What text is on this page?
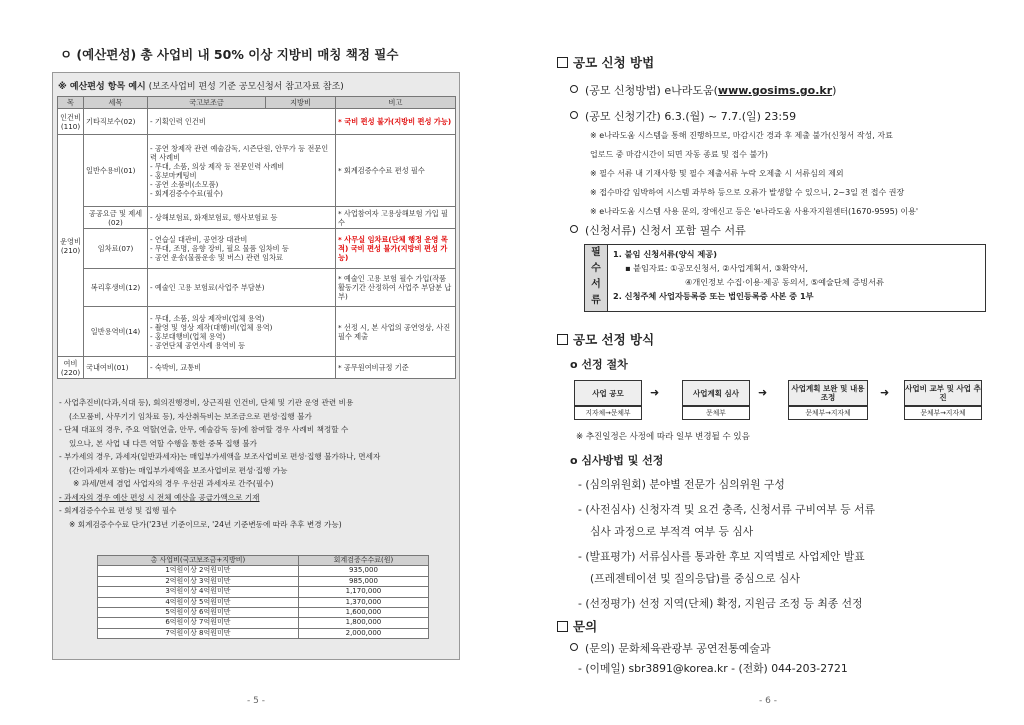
ㅇ (예산편성) 총 사업비 내 50% 이상 지방비 매칭 책정 필수
※ 예산편성 항목 예시 (보조사업비 편성 기준 공모신청서 참고자료 참조)
목	세목	국고보조금	지방비	비고
인건비
(110)	기타직보수(02)	- 기획인력 인건비		* 국비 편성 불가(지방비 편성 가능)
운영비
(210)	일반수용비(01)	- 공연 창제작 관련 예술감독, 시즌단원, 안무가 등 전문인력 사례비
- 무대, 소품, 의상 제작 등 전문인력 사례비
- 홍보마케팅비
- 공연 소품비(소모품)
- 회계검증수수료(필수)		* 회계검증수수료 편성 필수
	공공요금 및 제세(02)	- 상해보험료, 화재보험료, 행사보험료 등		* 사업참여자 고용상해보험 가입 필수
	임차료(07)	- 연습실 대관비, 공연장 대관비
- 무대, 조명, 음향 장비, 필요 물품 임차비 등
- 공연 운송(물품운송 및 버스) 관련 임차료		* 사무실 임차료(단체 행정 운영 목적) 국비 편성 불가(지방비 편성 가능)
	복리후생비(12)	- 예술인 고용 보험료(사업주 부담분)		* 예술인 고용 보험 필수 가입(작품 활동기간 산정하여 사업주 부담분 납부)
	일반용역비(14)	- 무대, 소품, 의상 제작비(업체 용역)
- 촬영 및 영상 제작(대행)비(업체 용역)
- 홍보대행비(업체 용역)
- 공연단체 공연사례 용역비 등		* 선정 시, 본 사업의 공연영상, 사진 필수 제출
여비
(220)	국내여비(01)	- 숙박비, 교통비		* 공무원여비규정 기준
- 사업추진비(다과,식대 등), 회의진행경비, 상근직원 인건비, 단체 및 기관 운영 관련 비용
(소모품비, 사무기기 임차료 등), 자산취득비는 보조금으로 편성·집행 불가
- 단체 대표의 경우, 주요 역할(연출, 안무, 예술감독 등)에 참여할 경우 사례비 책정할 수
있으나, 본 사업 내 다른 역할 수행을 통한 중복 집행 불가
- 부가세의 경우, 과세자(일반과세자)는 매입부가세액을 보조사업비로 편성·집행 불가하나, 면세자
(간이과세자 포함)는 매입부가세액을 보조사업비로 편성·집행 가능
※ 과세/면세 겸업 사업자의 경우 우선권 과세자로 간주(필수)
- 과세자의 경우 예산 편성 시 전체 예산을 공급가액으로 기재
- 회계검증수수료 편성 및 집행 필수
※ 회계검증수수료 단가('23년 기준이므로, '24년 기준변동에 따라 추후 변경 가능)
총 사업비(국고보조금+지방비)	회계검증수수료(원)
1억원이상 2억원미만	935,000
2억원이상 3억원미만	985,000
3억원이상 4억원미만	1,170,000
4억원이상 5억원미만	1,370,000
5억원이상 6억원미만	1,600,000
6억원이상 7억원미만	1,800,000
7억원이상 8억원미만	2,000,000
- 5 -
공모 신청 방법
(공모 신청방법) e나라도움(www.gosims.go.kr)
(공모 신청기간) 6.3.(월) ~ 7.7.(일) 23:59
※ e나라도움 시스템을 통해 진행하므로, 마감시간 경과 후 제출 불가(신청서 작성, 자료
업로드 중 마감시간이 되면 자동 종료 및 접수 불가)
※ 필수 서류 내 기재사항 및 필수 제출서류 누락 오제출 시 서류심의 제외
※ 접수마감 임박하여 시스템 과부하 등으로 오류가 발생할 수 있으니, 2~3일 전 접수 권장
※ e나라도움 시스템 사용 문의, 장애신고 등은 'e나라도움 사용자지원센터(1670-9595) 이용'
(신청서류) 신청서 포함 필수 서류
필
수
서
류
1. 붙임 신청서류(양식 제공)
▪ 붙임자료: ①공모신청서, ②사업계획서, ③확약서,
④개인정보 수집·이용·제공 동의서, ⑤예술단체 증빙서류
2. 신청주체 사업자등록증 또는 법인등록증 사본 중 1부
공모 선정 방식
o 선정 절차
사업 공모
지자체→문체부
➜	사업계획 심사
문체부
➜	사업계획 보완 및 내용조정
문체부→지자체
➜ 사업비 교부 및 사업 추진
문체부→지자체
※ 추진일정은 사정에 따라 일부 변경될 수 있음
o 심사방법 및 선정
- (심의위원회) 분야별 전문가 심의위원 구성
- (사전심사) 신청자격 및 요건 충족, 신청서류 구비여부 등 서류
심사 과정으로 부적격 여부 등 심사
- (발표평가) 서류심사를 통과한 후보 지역별로 사업제안 발표
(프레젠테이션 및 질의응답)를 중심으로 심사
- (선정평가) 선정 지역(단체) 확정, 지원금 조정 등 최종 선정
문의
(문의) 문화체육관광부 공연전통예술과
- (이메일) sbr3891@korea.kr - (전화) 044-203-2721
- 6 -
